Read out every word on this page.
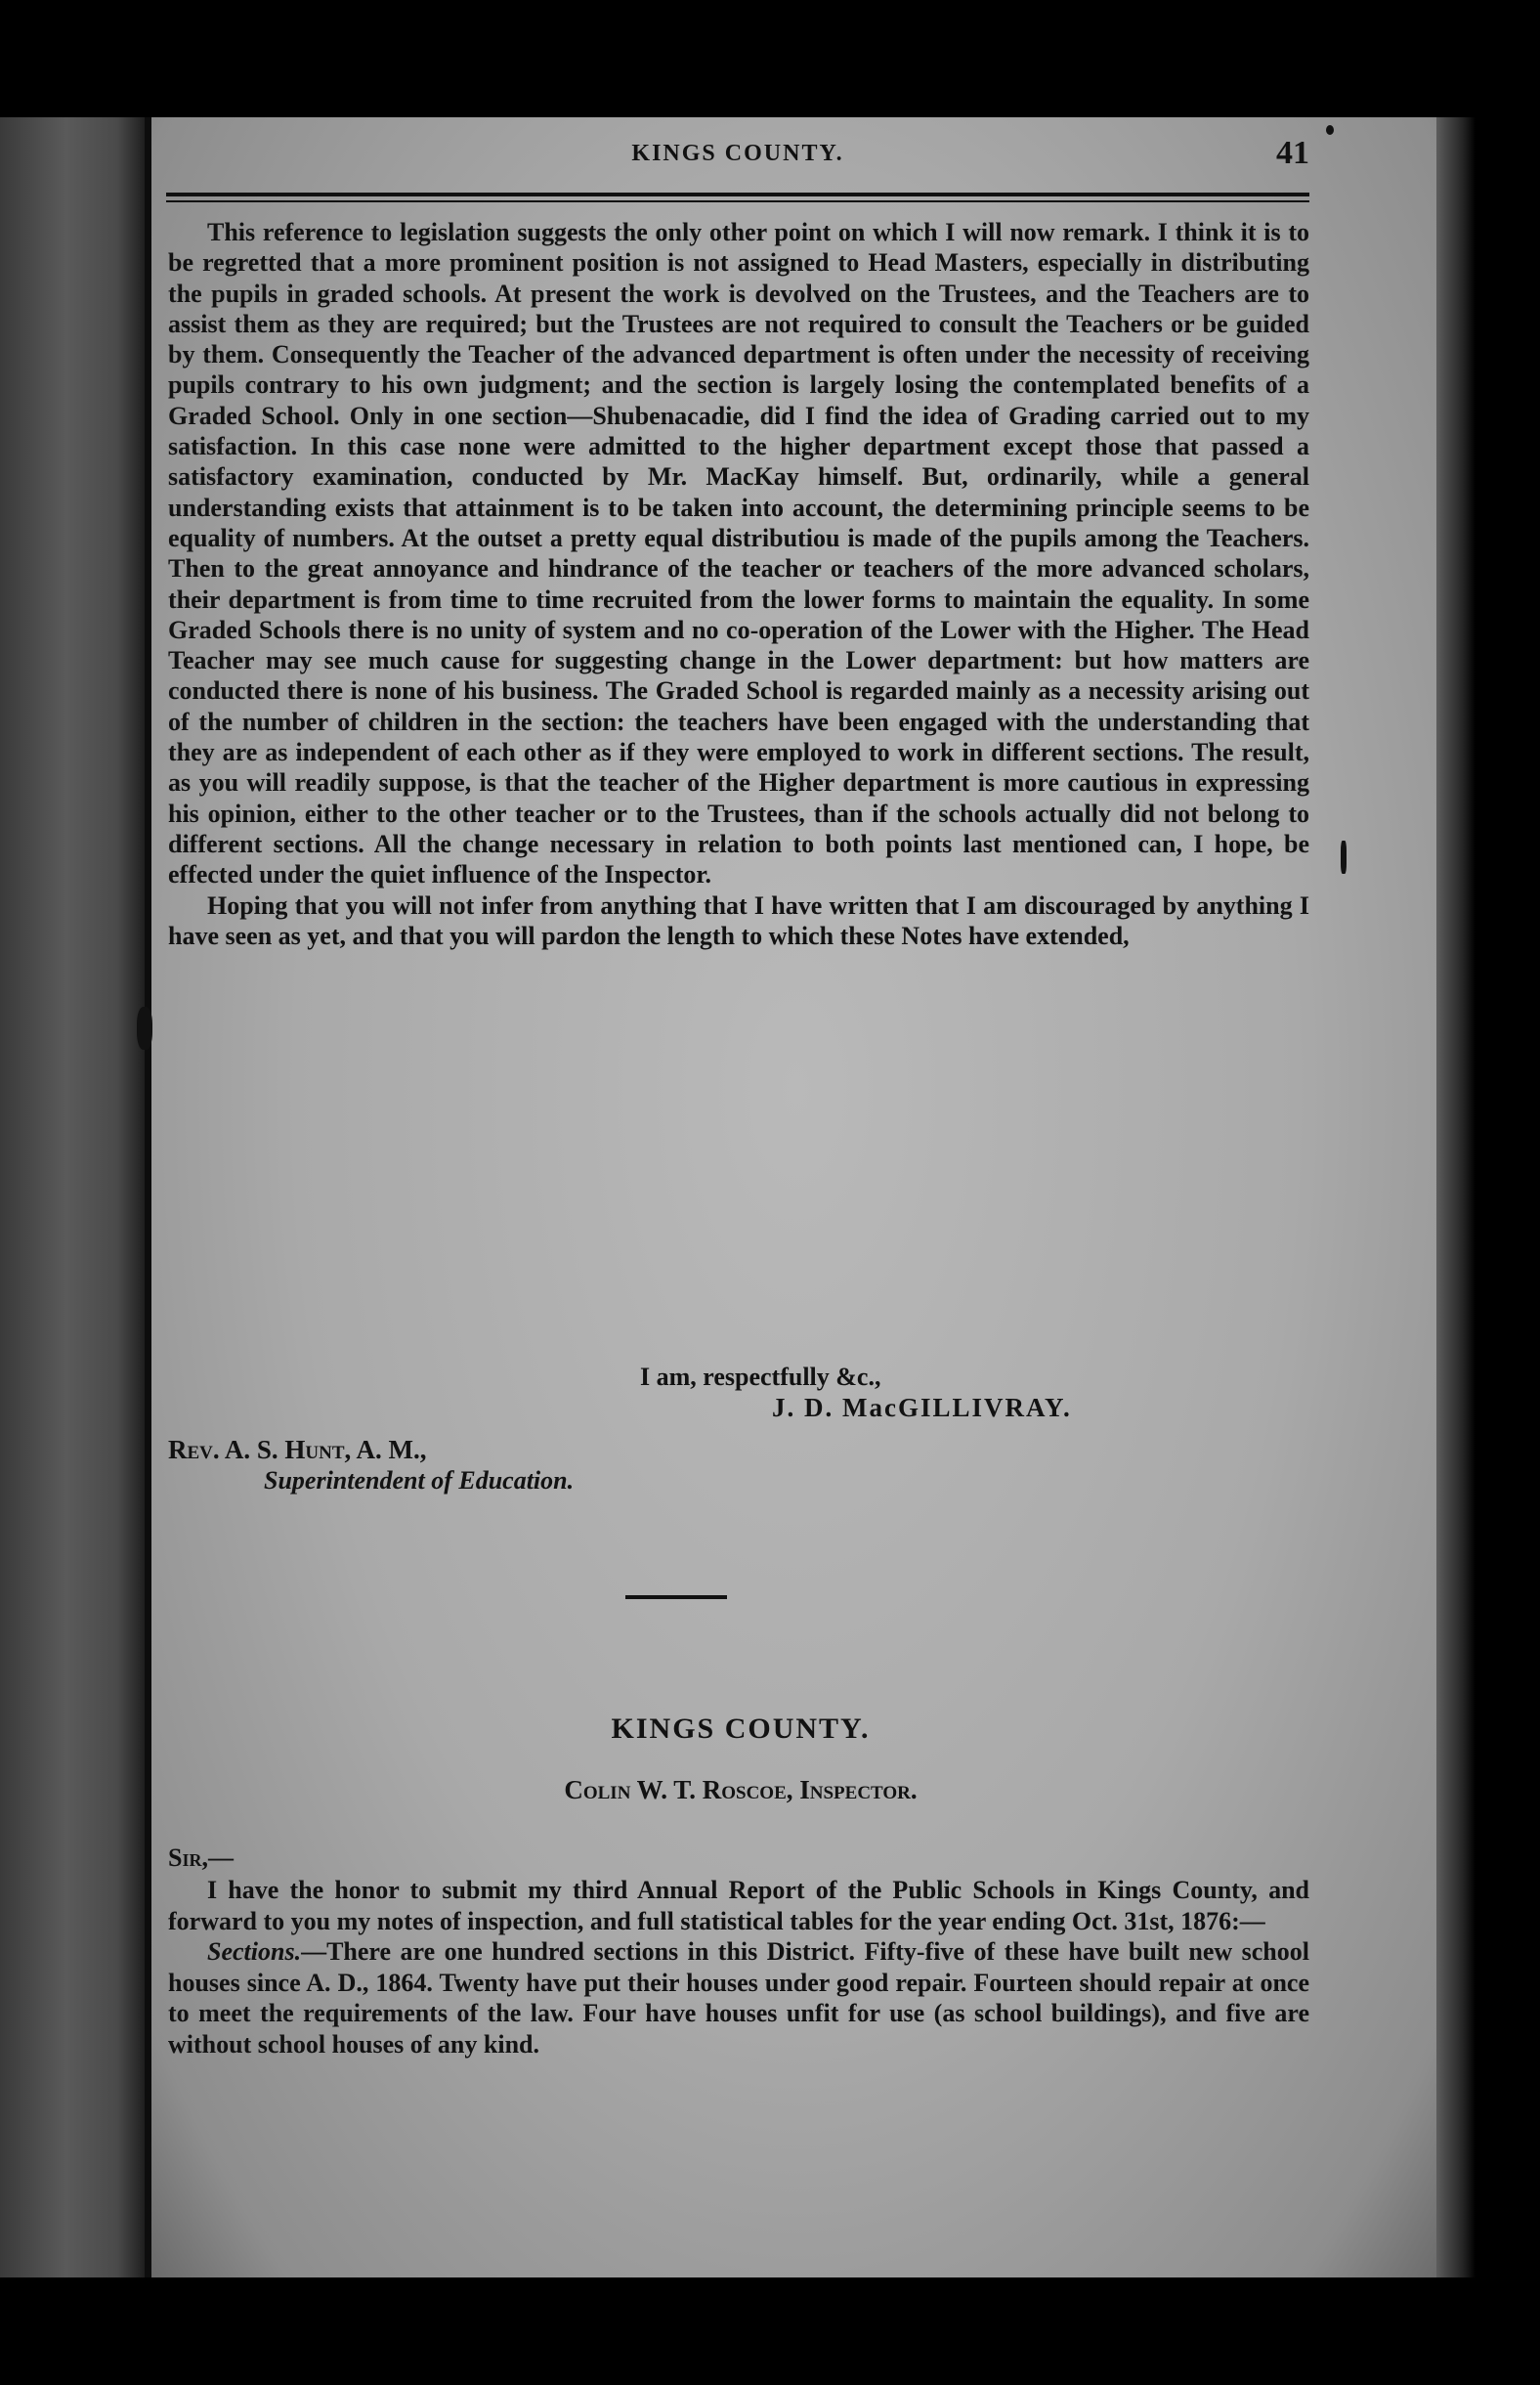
KINGS COUNTY.	41

This reference to legislation suggests the only other point on which I will now remark. I think it is to be regretted that a more prominent position is not assigned to Head Masters, especially in distributing the pupils in graded schools. At present the work is devolved on the Trustees, and the Teachers are to assist them as they are required; but the Trustees are not required to consult the Teachers or be guided by them. Consequently the Teacher of the advanced department is often under the necessity of receiving pupils contrary to his own judgment; and the section is largely losing the contemplated benefits of a Graded School. Only in one section—Shubenacadie, did I find the idea of Grading carried out to my satisfaction. In this case none were admitted to the higher department except those that passed a satisfactory examination, conducted by Mr. MacKay himself. But, ordinarily, while a general understanding exists that attainment is to be taken into account, the determining principle seems to be equality of numbers. At the outset a pretty equal distributiou is made of the pupils among the Teachers. Then to the great annoyance and hindrance of the teacher or teachers of the more advanced scholars, their department is from time to time recruited from the lower forms to maintain the equality. In some Graded Schools there is no unity of system and no co-operation of the Lower with the Higher. The Head Teacher may see much cause for suggesting change in the Lower department: but how matters are conducted there is none of his business. The Graded School is regarded mainly as a necessity arising out of the number of children in the section: the teachers have been engaged with the understanding that they are as independent of each other as if they were employed to work in different sections. The result, as you will readily suppose, is that the teacher of the Higher department is more cautious in expressing his opinion, either to the other teacher or to the Trustees, than if the schools actually did not belong to different sections. All the change necessary in relation to both points last mentioned can, I hope, be effected under the quiet influence of the Inspector.

Hoping that you will not infer from anything that I have written that I am discouraged by anything I have seen as yet, and that you will pardon the length to which these Notes have extended,

I am, respectfully &c.,
J. D. MacGILLIVRAY.
Rev. A. S. Hunt, A. M.,
Superintendent of Education.
KINGS COUNTY.
Colin W. T. Roscoe, Inspector.
Sir,—

I have the honor to submit my third Annual Report of the Public Schools in Kings County, and forward to you my notes of inspection, and full statistical tables for the year ending Oct. 31st, 1876:—

Sections.—There are one hundred sections in this District. Fifty-five of these have built new school houses since A. D., 1864. Twenty have put their houses under good repair. Fourteen should repair at once to meet the requirements of the law. Four have houses unfit for use (as school buildings), and five are without school houses of any kind.
